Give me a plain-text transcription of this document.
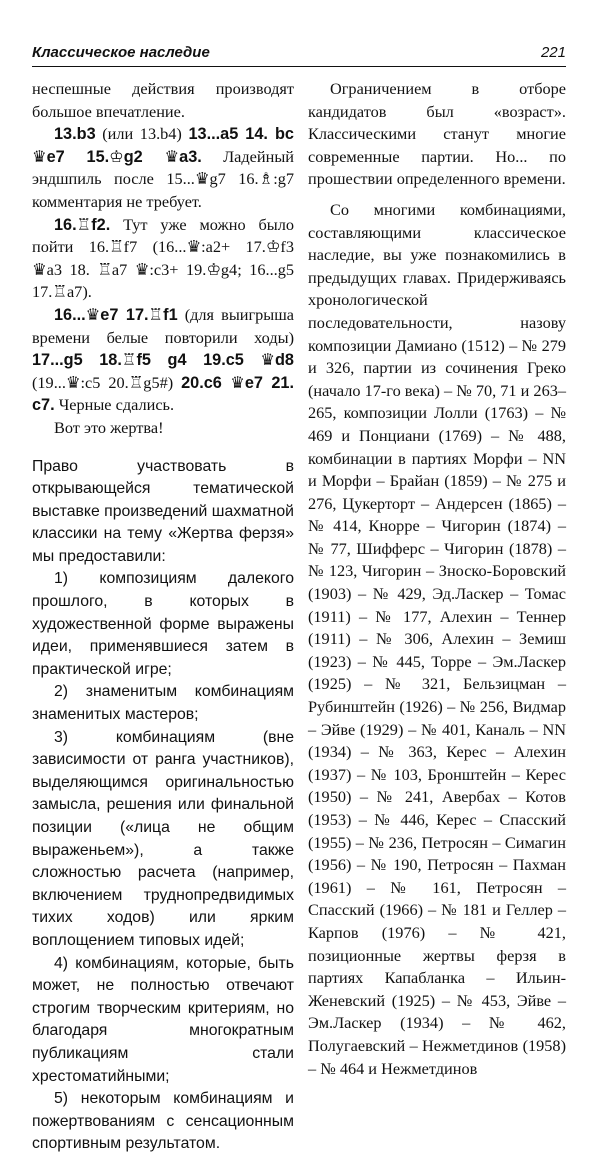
Классическое наследие	221

неспешные действия производят большое впечатление.

13.b3 (или 13.b4) 13...a5 14. bc ♛e7 15.♔g2 ♛a3. Ладейный эндшпиль после 15...♛g7 16.♗:g7 комментария не требует.

16.♖f2. Тут уже можно было пойти 16.♖f7 (16...♛:a2+ 17.♔f3 ♛a3 18. ♖a7 ♛:c3+ 19.♔g4; 16...g5 17.♖a7).

16...♛e7 17.♖f1 (для выигрыша времени белые повторили ходы) 17...g5 18.♖f5 g4 19.c5 ♛d8 (19...♛:c5 20.♖g5#) 20.c6 ♛e7 21. c7. Черные сдались.

Вот это жертва!

Право участвовать в открывающейся тематической выставке произведений шахматной классики на тему «Жертва ферзя» мы предоставили:

1) композициям далекого прошлого, в которых в художественной форме выражены идеи, применявшиеся затем в практической игре;

2) знаменитым комбинациям знаменитых мастеров;

3) комбинациям (вне зависимости от ранга участников), выделяющимся оригинальностью замысла, решения или финальной позиции («лица не общим выраженьем»), а также сложностью расчета (например, включением труднопредвидимых тихих ходов) или ярким воплощением типовых идей;

4) комбинациям, которые, быть может, не полностью отвечают строгим творческим критериям, но благодаря многократным публикациям стали хрестоматийными;

5) некоторым комбинациям и пожертвованиям с сенсационным спортивным результатом.

Ограничением в отборе кандидатов был «возраст». Классическими станут многие современные партии. Но... по прошествии определенного времени.

Со многими комбинациями, составляющими классическое наследие, вы уже познакомились в предыдущих главах. Придерживаясь хронологической последовательности, назову композиции Дамиано (1512) – № 279 и 326, партии из сочинения Греко (начало 17-го века) – № 70, 71 и 263–265, композиции Лолли (1763) – № 469 и Понциани (1769) – № 488, комбинации в партиях Морфи – NN и Морфи – Брайан (1859) – № 275 и 276, Цукерторт – Андерсен (1865) – № 414, Кнорре – Чигорин (1874) – № 77, Шифферс – Чигорин (1878) – № 123, Чигорин – Зноско-Боровский (1903) – № 429, Эд.Ласкер – Томас (1911) – № 177, Алехин – Теннер (1911) – № 306, Алехин – Земиш (1923) – № 445, Торре – Эм.Ласкер (1925) – № 321, Бельзицман – Рубинштейн (1926) – № 256, Видмар – Эйве (1929) – № 401, Каналь – NN (1934) – № 363, Керес – Алехин (1937) – № 103, Бронштейн – Керес (1950) – № 241, Авербах – Котов (1953) – № 446, Керес – Спасский (1955) – № 236, Петросян – Симагин (1956) – № 190, Петросян – Пахман (1961) – № 161, Петросян – Спасский (1966) – № 181 и Геллер – Карпов (1976) – № 421, позиционные жертвы ферзя в партиях Капабланка – Ильин-Женевский (1925) – № 453, Эйве – Эм.Ласкер (1934) – № 462, Полугаевский – Нежметдинов (1958) – № 464 и Нежметдинов
